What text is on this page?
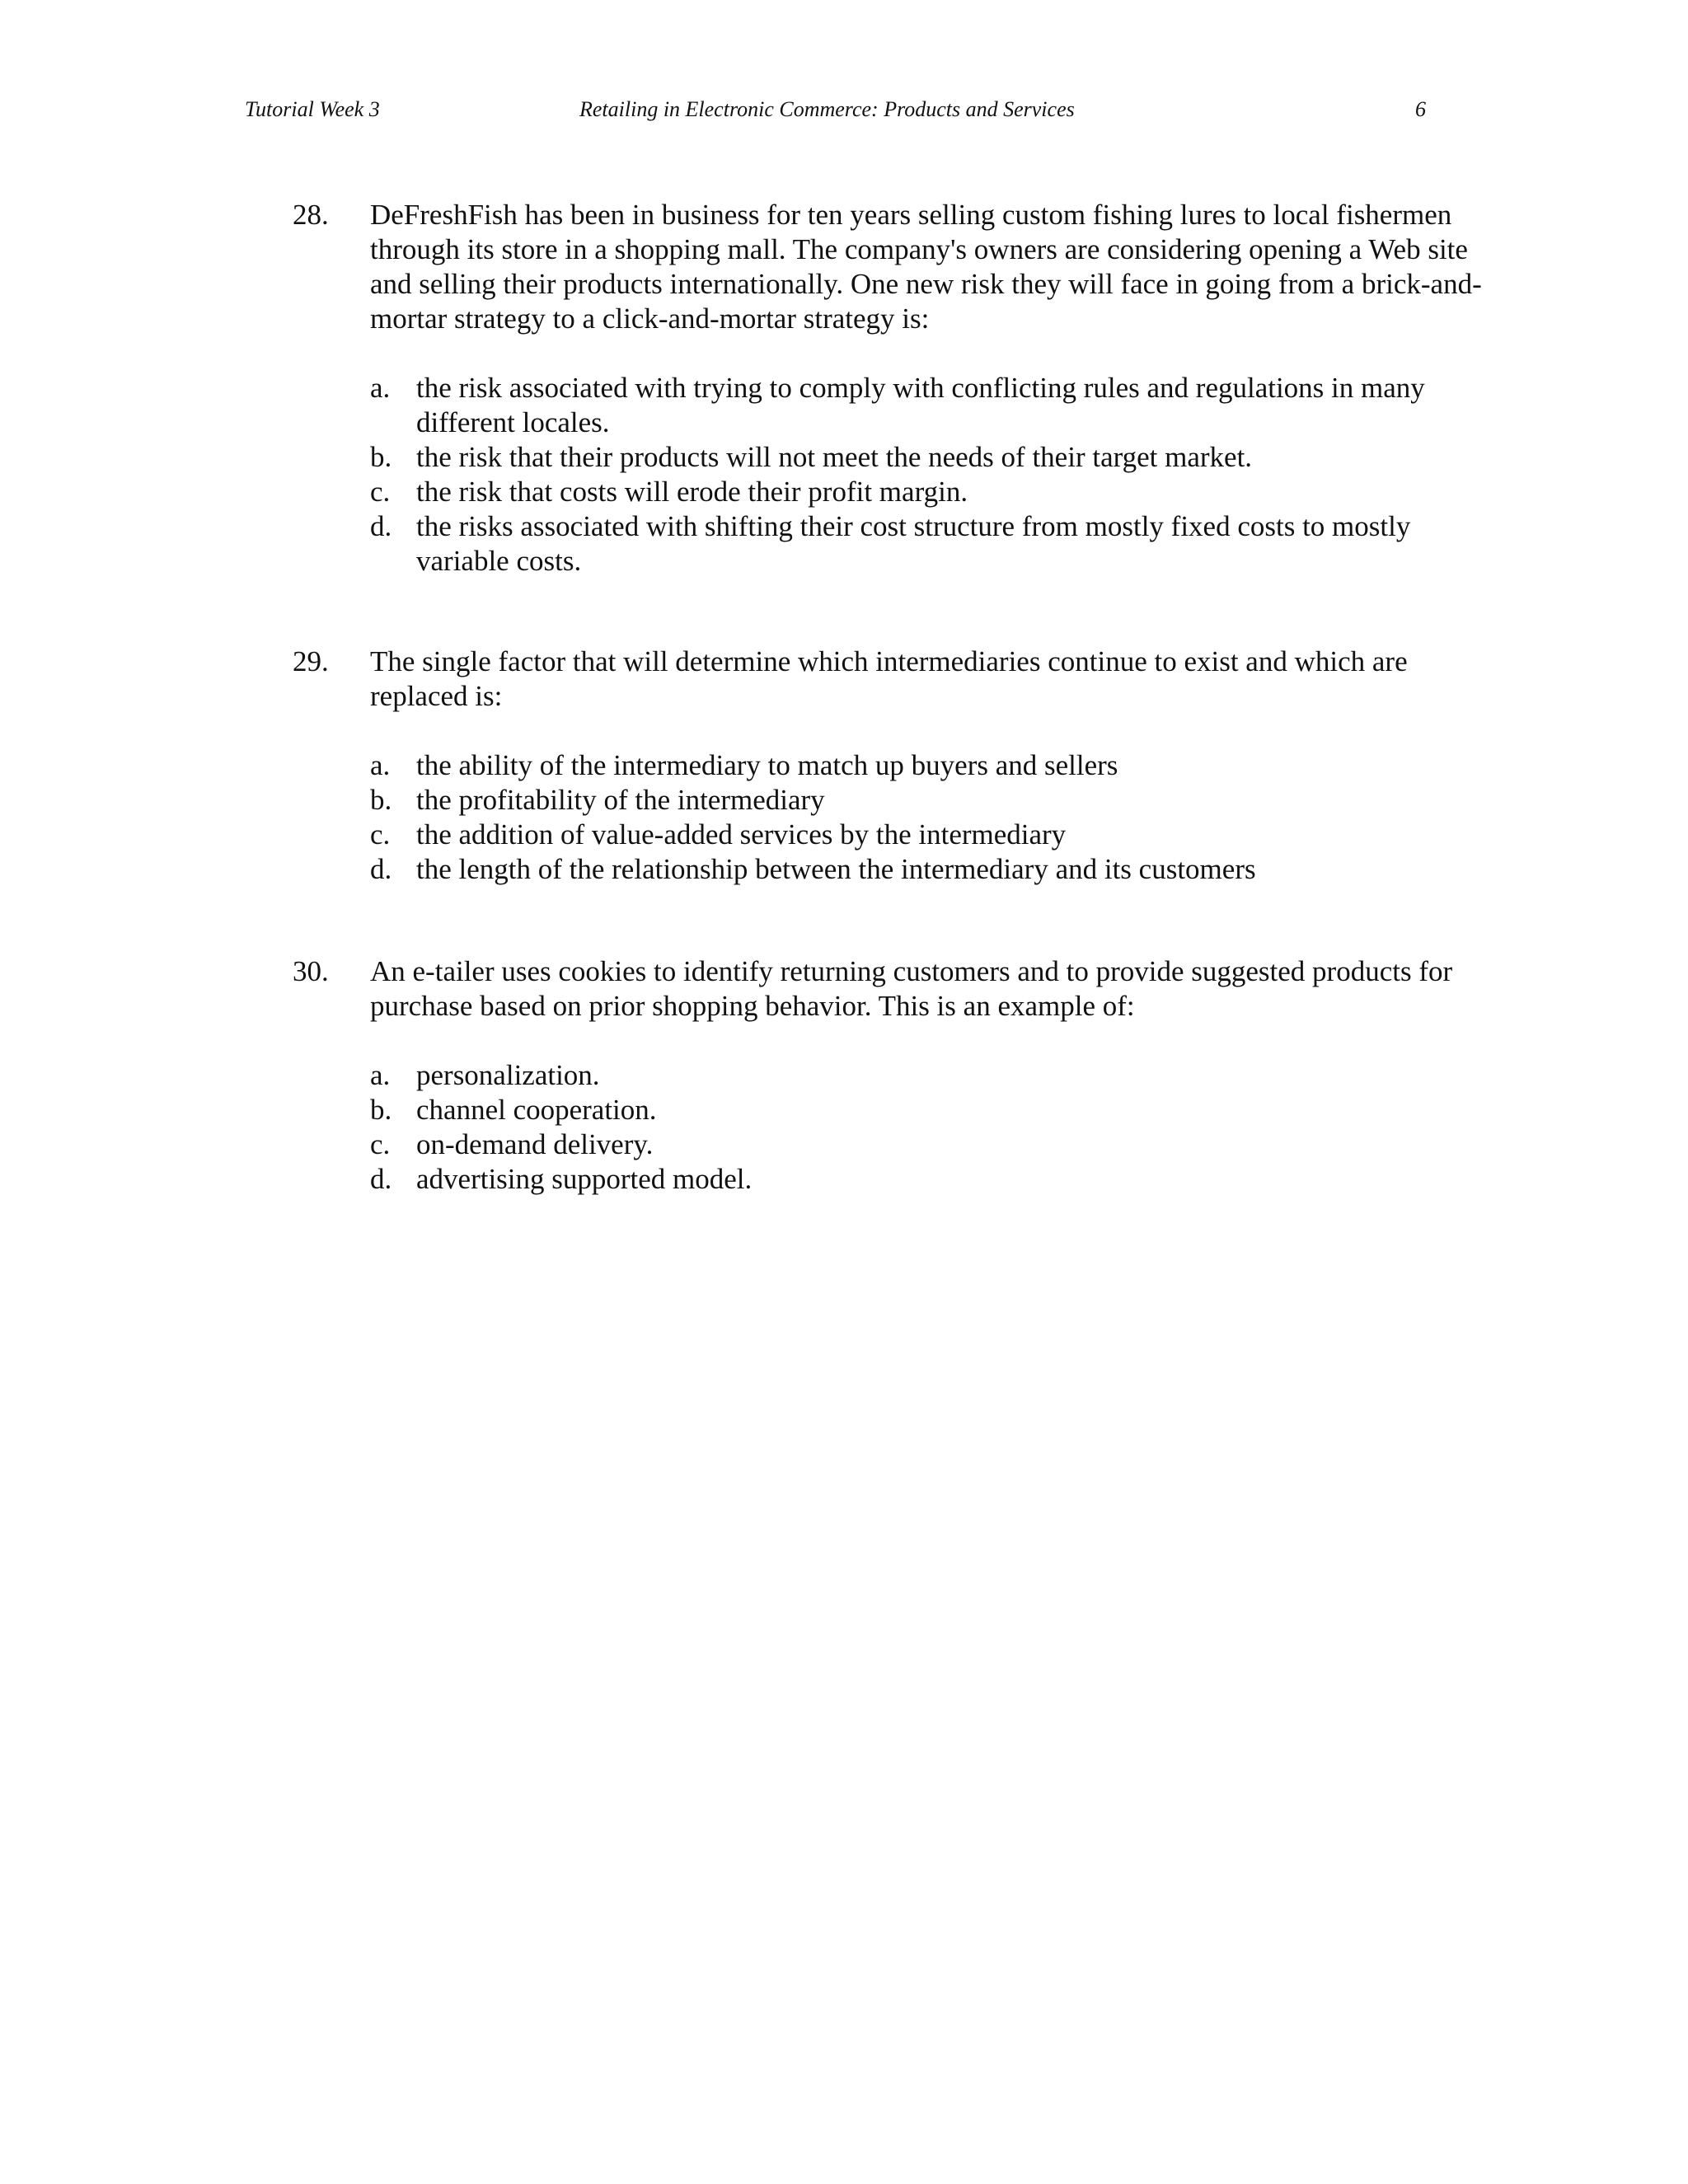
Tutorial Week 3	Retailing in Electronic Commerce: Products and Services	6
28.	DeFreshFish has been in business for ten years selling custom fishing lures to local fishermen through its store in a shopping mall. The company's owners are considering opening a Web site and selling their products internationally. One new risk they will face in going from a brick-and-mortar strategy to a click-and-mortar strategy is:

a. the risk associated with trying to comply with conflicting rules and regulations in many different locales.
b. the risk that their products will not meet the needs of their target market.
c. the risk that costs will erode their profit margin.
d. the risks associated with shifting their cost structure from mostly fixed costs to mostly variable costs.
29.	The single factor that will determine which intermediaries continue to exist and which are replaced is:

a. the ability of the intermediary to match up buyers and sellers
b. the profitability of the intermediary
c. the addition of value-added services by the intermediary
d. the length of the relationship between the intermediary and its customers
30.	An e-tailer uses cookies to identify returning customers and to provide suggested products for purchase based on prior shopping behavior. This is an example of:

a. personalization.
b. channel cooperation.
c. on-demand delivery.
d. advertising supported model.
